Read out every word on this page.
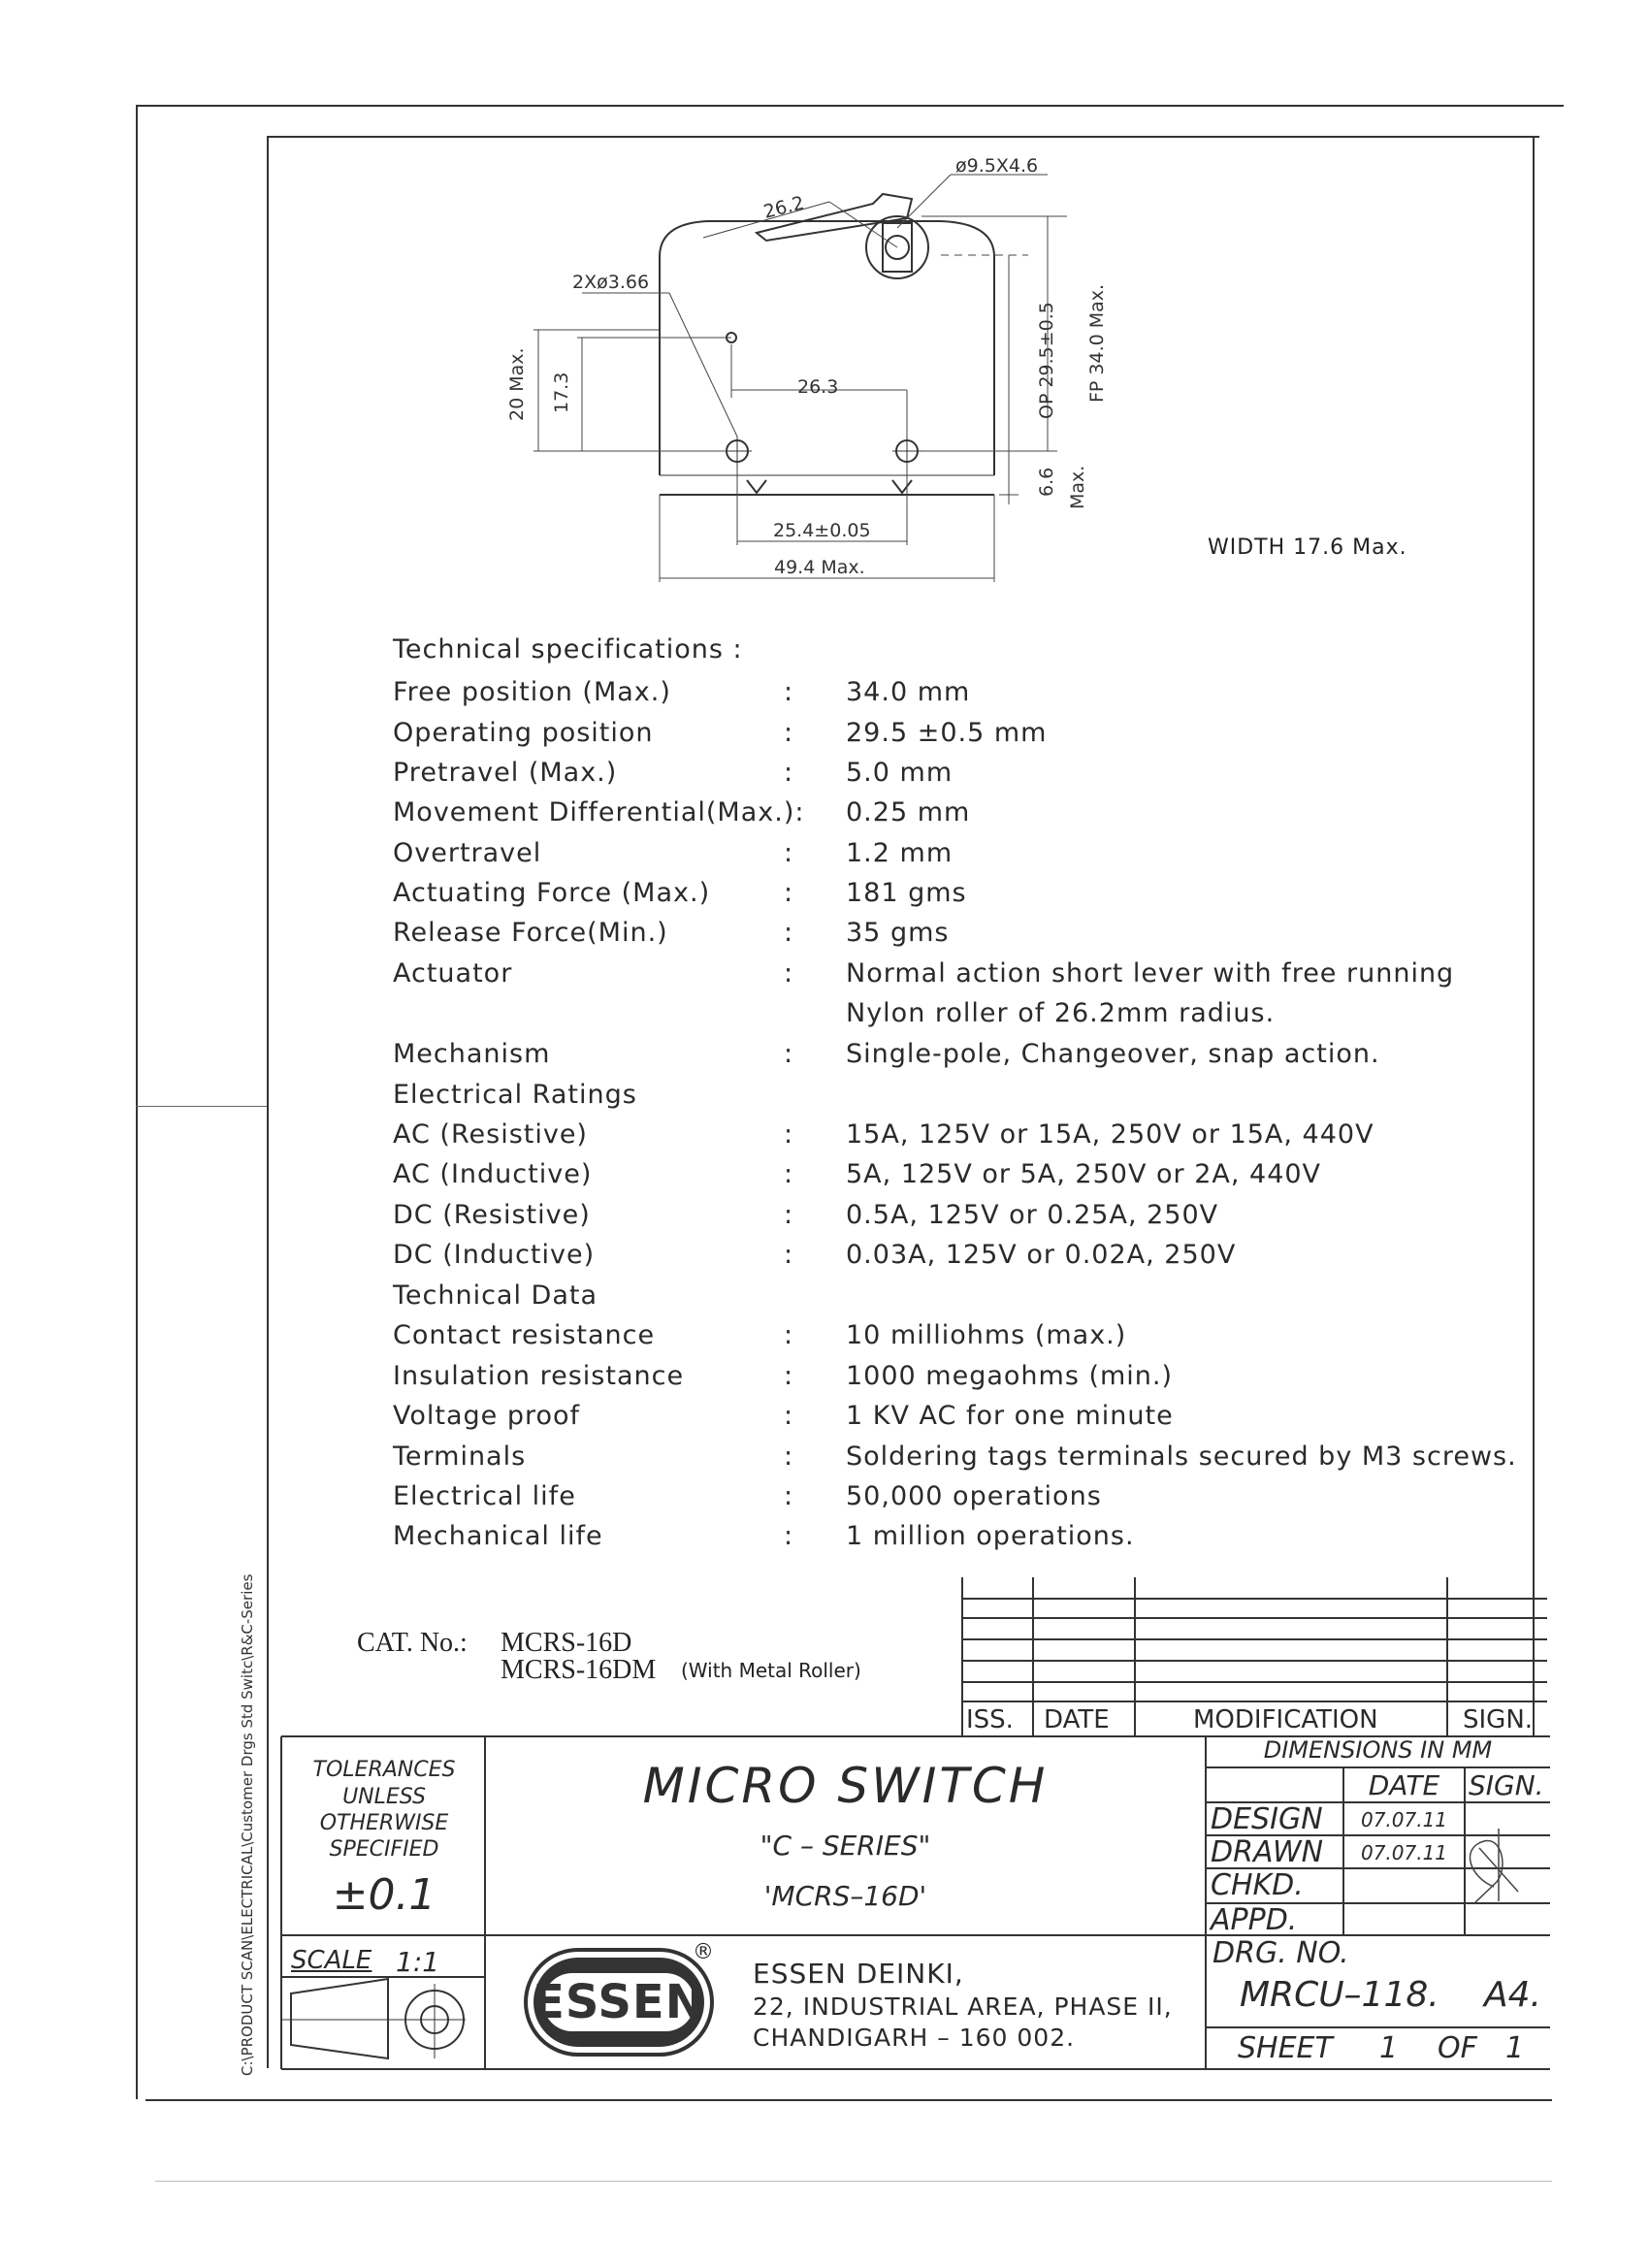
C:\PRODUCT SCAN\ELECTRICAL\Customer Drgs Std Switc\R&C-Series
ø9.5X4.6
26.2
2Xø3.66
20 Max. 17.3	26.3	OP 29.5±0.5 FP 34.0 Max.
6.6 Max.
25.4±0.05
49.4 Max.
WIDTH 17.6 Max.
Technical specifications :
Free position (Max.)	: 34.0 mm
Operating position	: 29.5 ±0.5 mm
Pretravel (Max.)	: 5.0 mm
Movement Differential(Max.): 0.25 mm
Overtravel	: 1.2 mm
Actuating Force (Max.)	: 181 gms
Release Force(Min.)	: 35 gms
Actuator	: Normal action short lever with free running
Nylon roller of 26.2mm radius.
Mechanism	: Single-pole, Changeover, snap action.
Electrical Ratings
AC (Resistive)	: 15A, 125V or 15A, 250V or 15A, 440V
AC (Inductive)	: 5A, 125V or 5A, 250V or 2A, 440V
DC (Resistive)	: 0.5A, 125V or 0.25A, 250V
DC (Inductive)	: 0.03A, 125V or 0.02A, 250V
Technical Data
Contact resistance	: 10 milliohms (max.)
Insulation resistance	: 1000 megaohms (min.)
Voltage proof	: 1 KV AC for one minute
Terminals	: Soldering tags terminals secured by M3 screws.
Electrical life	: 50,000 operations
Mechanical life	: 1 million operations.
CAT. No.: MCRS-16D
MCRS-16DM (With Metal Roller)
ISS. DATE	MODIFICATION	SIGN.
TOLERANCES
UNLESS
OTHERWISE
SPECIFIED
±0.1
MICRO SWITCH
"C – SERIES"
'MCRS–16D'
DIMENSIONS IN MM
DATE	SIGN.
DESIGN	07.07.11
DRAWN	07.07.11
CHKD.
APPD.
SCALE 1:1
ESSEN
®
ESSEN DEINKI,
22, INDUSTRIAL AREA, PHASE II,
CHANDIGARH – 160 002.
DRG. NO.
MRCU–118. A4.
SHEET 1 OF 1
